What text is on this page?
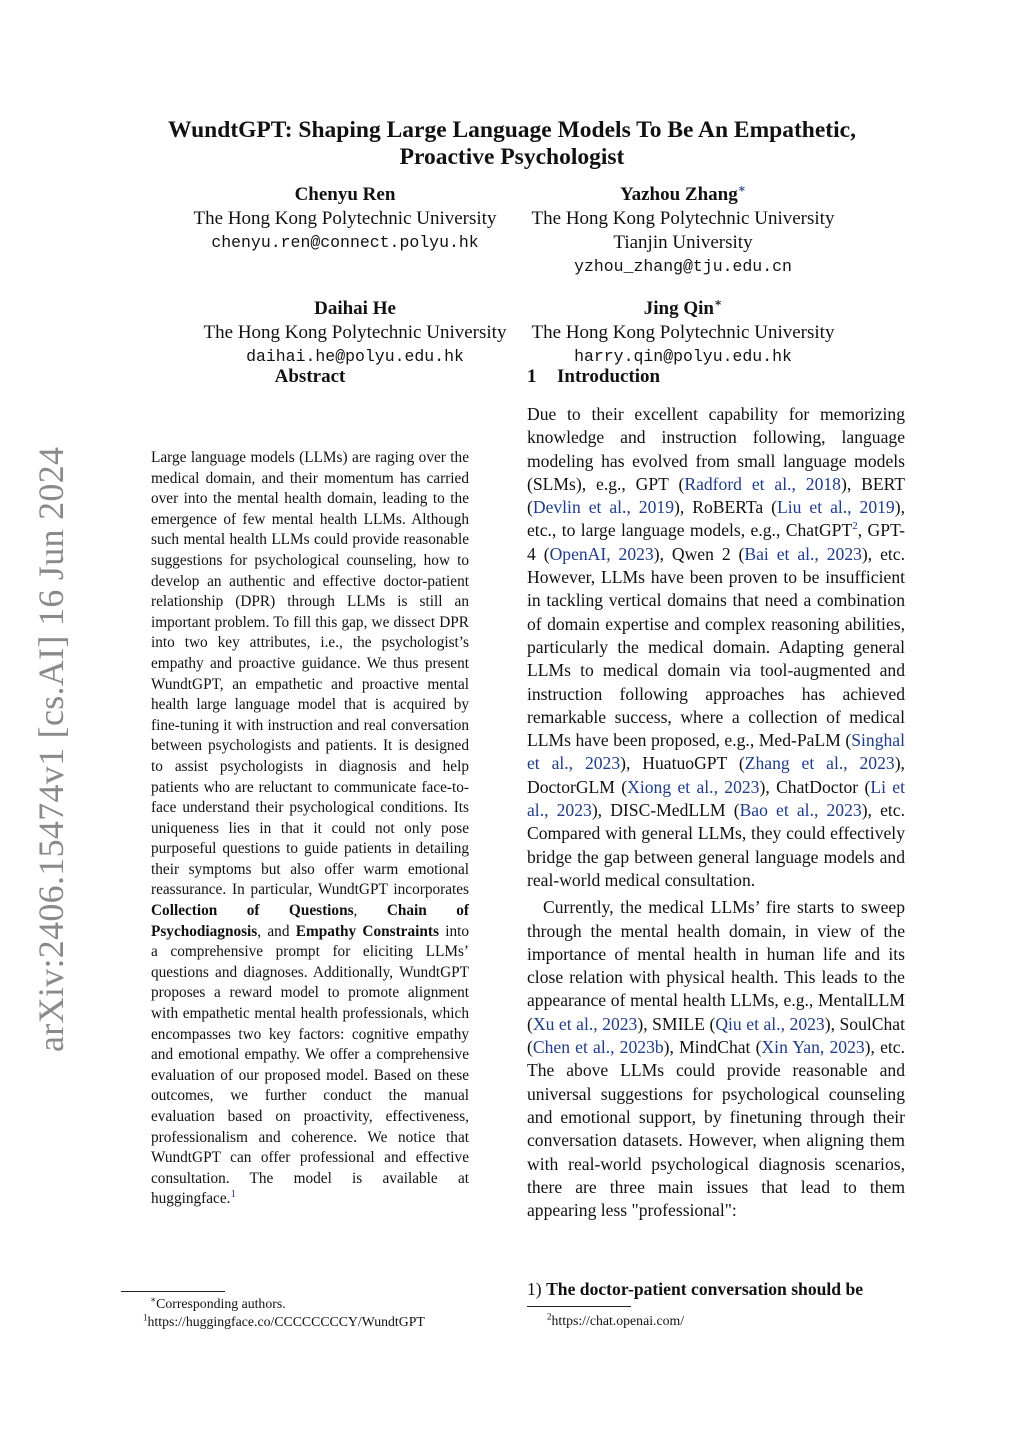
arXiv:2406.15474v1 [cs.AI] 16 Jun 2024
WundtGPT: Shaping Large Language Models To Be An Empathetic,
Proactive Psychologist
Chenyu Ren
The Hong Kong Polytechnic University
chenyu.ren@connect.polyu.hk
Yazhou Zhang∗
The Hong Kong Polytechnic University
Tianjin University
yzhou_zhang@tju.edu.cn
Daihai He
The Hong Kong Polytechnic University
daihai.he@polyu.edu.hk
Jing Qin∗
The Hong Kong Polytechnic University
harry.qin@polyu.edu.hk
Abstract

Large language models (LLMs) are raging over the medical domain, and their momentum has carried over into the mental health domain, leading to the emergence of few mental health LLMs. Although such mental health LLMs could provide reasonable suggestions for psychological counseling, how to develop an authentic and effective doctor-patient relationship (DPR) through LLMs is still an important problem. To fill this gap, we dissect DPR into two key attributes, i.e., the psychologist’s empathy and proactive guidance. We thus present WundtGPT, an empathetic and proactive mental health large language model that is acquired by fine-tuning it with instruction and real conversation between psychologists and patients. It is designed to assist psychologists in diagnosis and help patients who are reluctant to communicate face-to-face understand their psychological conditions. Its uniqueness lies in that it could not only pose purposeful questions to guide patients in detailing their symptoms but also offer warm emotional reassurance. In particular, WundtGPT incorporates Collection of Questions, Chain of Psychodiagnosis, and Empathy Constraints into a comprehensive prompt for eliciting LLMs’ questions and diagnoses. Additionally, WundtGPT proposes a reward model to promote alignment with empathetic mental health professionals, which encompasses two key factors: cognitive empathy and emotional empathy. We offer a comprehensive evaluation of our proposed model. Based on these outcomes, we further conduct the manual evaluation based on proactivity, effectiveness, professionalism and coherence. We notice that WundtGPT can offer professional and effective consultation. The model is available at huggingface.$^1$

1 Introduction

Due to their excellent capability for memorizing knowledge and instruction following, language modeling has evolved from small language models (SLMs), e.g., GPT (Radford et al., 2018), BERT (Devlin et al., 2019), RoBERTa (Liu et al., 2019), etc., to large language models, e.g., ChatGPT$^2$, GPT-4 (OpenAI, 2023), Qwen 2 (Bai et al., 2023), etc. However, LLMs have been proven to be insufficient in tackling vertical domains that need a combination of domain expertise and complex reasoning abilities, particularly the medical domain. Adapting general LLMs to medical domain via tool-augmented and instruction following approaches has achieved remarkable success, where a collection of medical LLMs have been proposed, e.g., Med-PaLM (Singhal et al., 2023), HuatuoGPT (Zhang et al., 2023), DoctorGLM (Xiong et al., 2023), ChatDoctor (Li et al., 2023), DISC-MedLLM (Bao et al., 2023), etc. Compared with general LLMs, they could effectively bridge the gap between general language models and real-world medical consultation.

Currently, the medical LLMs’ fire starts to sweep through the mental health domain, in view of the importance of mental health in human life and its close relation with physical health. This leads to the appearance of mental health LLMs, e.g., MentalLLM (Xu et al., 2023), SMILE (Qiu et al., 2023), SoulChat (Chen et al., 2023b), MindChat (Xin Yan, 2023), etc. The above LLMs could provide reasonable and universal suggestions for psychological counseling and emotional support, by finetuning through their conversation datasets. However, when aligning them with real-world psychological diagnosis scenarios, there are three main issues that lead to them appearing less "professional":

1) The doctor-patient conversation should be
∗Corresponding authors.
$^1$https://huggingface.co/CCCCCCCCY/WundtGPT	$^2$https://chat.openai.com/
